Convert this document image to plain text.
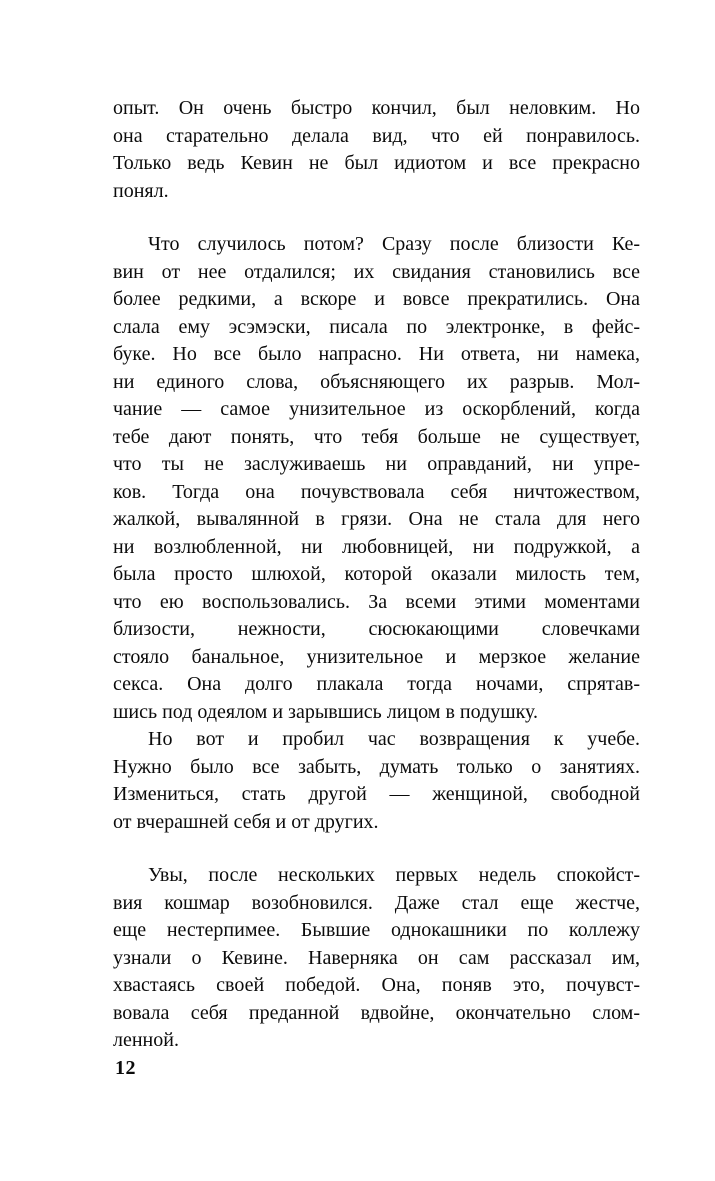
опыт. Он очень быстро кончил, был неловким. Но
она старательно делала вид, что ей понравилось.
Только ведь Кевин не был идиотом и все прекрасно
понял.
Что случилось потом? Сразу после близости Ке-
вин от нее отдалился; их свидания становились все
более редкими, а вскоре и вовсе прекратились. Она
слала ему эсэмэски, писала по электронке, в фейс-
буке. Но все было напрасно. Ни ответа, ни намека,
ни единого слова, объясняющего их разрыв. Мол-
чание — самое унизительное из оскорблений, когда
тебе дают понять, что тебя больше не существует,
что ты не заслуживаешь ни оправданий, ни упре-
ков. Тогда она почувствовала себя ничтожеством,
жалкой, вывалянной в грязи. Она не стала для него
ни возлюбленной, ни любовницей, ни подружкой, а
была просто шлюхой, которой оказали милость тем,
что ею воспользовались. За всеми этими моментами
близости, нежности, сюсюкающими словечками
стояло банальное, унизительное и мерзкое желание
секса. Она долго плакала тогда ночами, спрятав-
шись под одеялом и зарывшись лицом в подушку.
Но вот и пробил час возвращения к учебе.
Нужно было все забыть, думать только о занятиях.
Измениться, стать другой — женщиной, свободной
от вчерашней себя и от других.
Увы, после нескольких первых недель спокойст-
вия кошмар возобновился. Даже стал еще жестче,
еще нестерпимее. Бывшие однокашники по коллежу
узнали о Кевине. Наверняка он сам рассказал им,
хвастаясь своей победой. Она, поняв это, почувст-
вовала себя преданной вдвойне, окончательно слом-
ленной.
12
